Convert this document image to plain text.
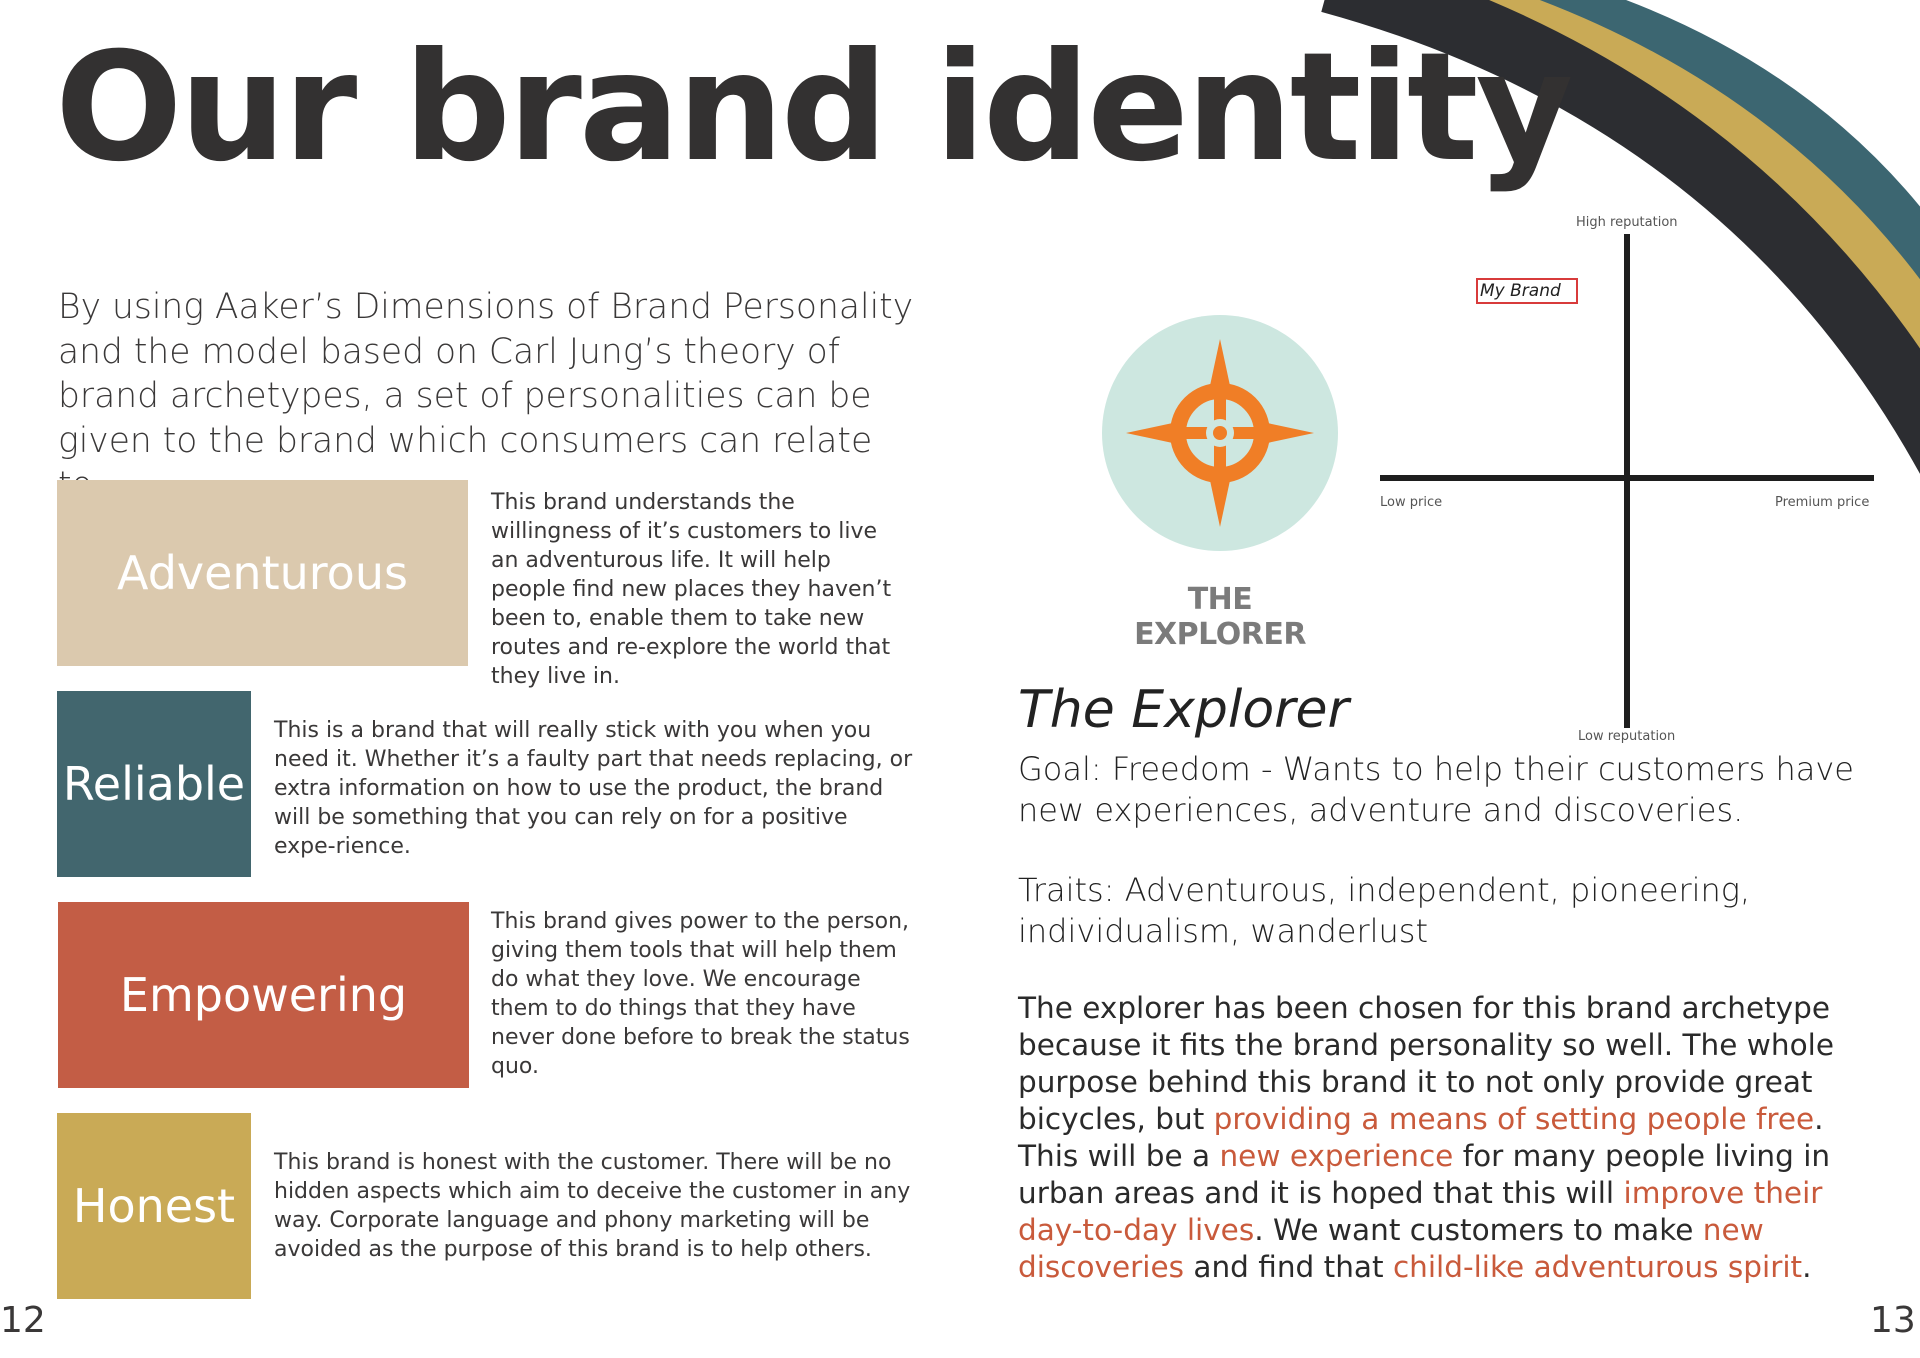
Our brand identity
By using Aaker’s Dimensions of Brand Personality and the model based on Carl Jung’s theory of brand archetypes, a set of personalities can be given to the brand which consumers can relate
Adventurous
This brand understands the willingness of it’s customers to live an adventurous life. It will help people find new places they haven’t been to, enable them to take new routes and re-explore the world that they live in.
Reliable
This is a brand that will really stick with you when you need it. Whether it’s a faulty part that needs replacing, or extra information on how to use the product, the brand will be something that you can rely on for a positive expe-rience.
Empowering
This brand gives power to the person, giving them tools that will help them do what they love. We encourage them to do things that they have never done before to break the status quo.
Honest
This brand is honest with the customer. There will be no hidden aspects which aim to deceive the customer in any way. Corporate language and phony marketing will be avoided as the purpose of this brand is to help others.
12	13
THE EXPLORER
High reputation
Low reputation
Low price	Premium price
My Brand
The Explorer
Goal: Freedom - Wants to help their customers have new experiences, adventure and discoveries.
Traits: Adventurous, independent, pioneering, individualism, wanderlust
The explorer has been chosen for this brand archetype because it fits the brand personality so well. The whole purpose behind this brand it to not only provide great bicycles, but providing a means of setting people free. This will be a new experience for many people living in urban areas and it is hoped that this will improve their day-to-day lives. We want customers to make new discoveries and find that child-like adventurous spirit.
